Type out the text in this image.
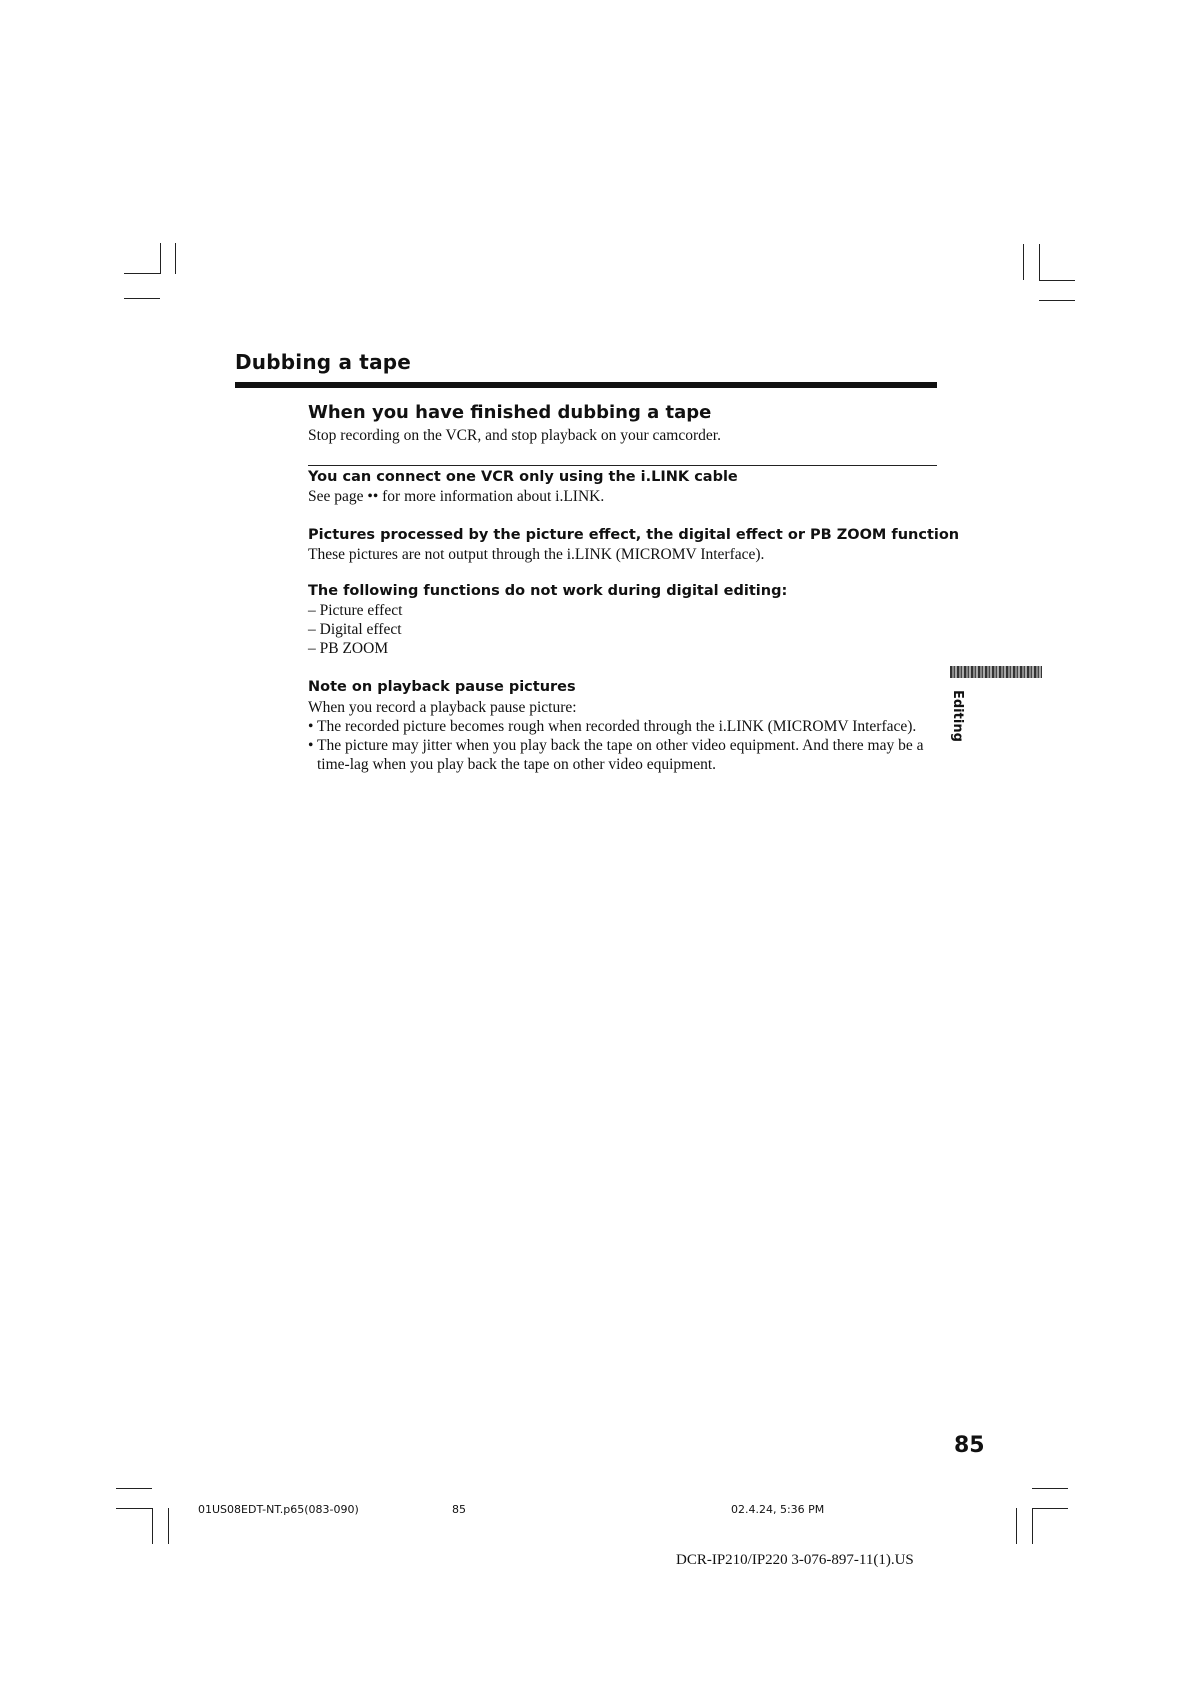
Dubbing a tape
When you have finished dubbing a tape
Stop recording on the VCR, and stop playback on your camcorder.
You can connect one VCR only using the i.LINK cable
See page •• for more information about i.LINK.
Pictures processed by the picture effect, the digital effect or PB ZOOM function
These pictures are not output through the i.LINK (MICROMV Interface).
The following functions do not work during digital editing:
– Picture effect
– Digital effect
– PB ZOOM
Note on playback pause pictures
When you record a playback pause picture:
• The recorded picture becomes rough when recorded through the i.LINK (MICROMV Interface).
• The picture may jitter when you play back the tape on other video equipment. And there may be a time-lag when you play back the tape on other video equipment.
Editing
85
01US08EDT-NT.p65(083-090)	85	02.4.24, 5:36 PM
DCR-IP210/IP220 3-076-897-11(1).US
